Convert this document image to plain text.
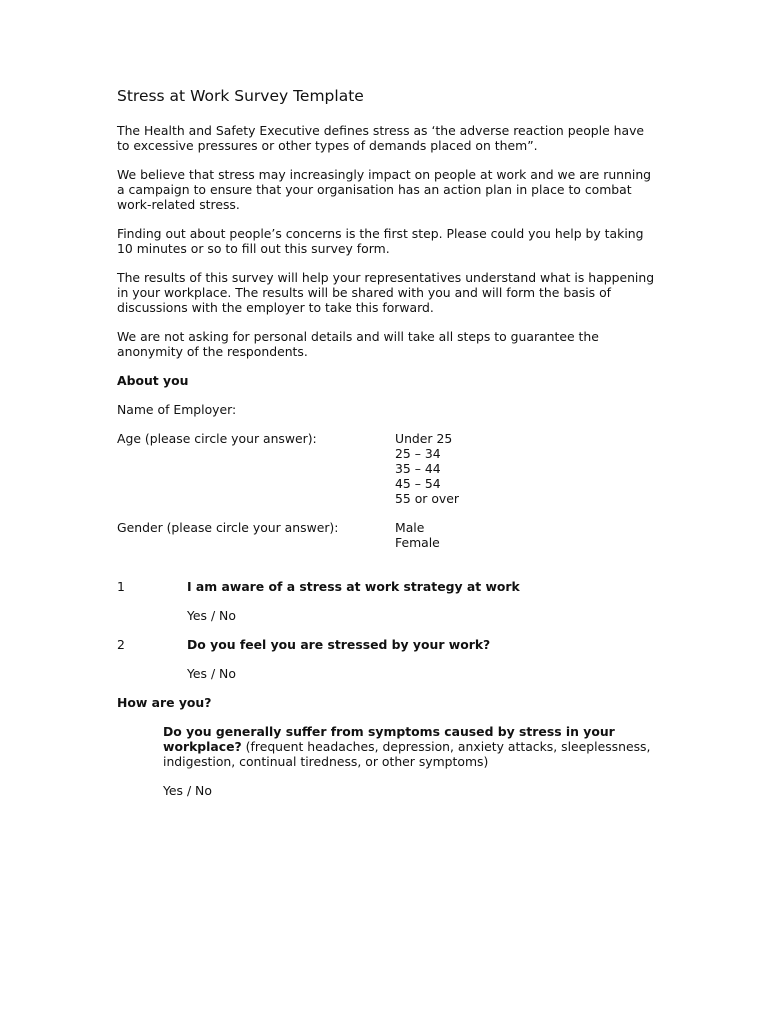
Stress at Work Survey Template

The Health and Safety Executive defines stress as ‘the adverse reaction people have to excessive pressures or other types of demands placed on them”.

We believe that stress may increasingly impact on people at work and we are running a campaign to ensure that your organisation has an action plan in place to combat work-related stress.

Finding out about people’s concerns is the first step. Please could you help by taking 10 minutes or so to fill out this survey form.

The results of this survey will help your representatives understand what is happening in your workplace. The results will be shared with you and will form the basis of discussions with the employer to take this forward.

We are not asking for personal details and will take all steps to guarantee the anonymity of the respondents.

About you

Name of Employer:

Age (please circle your answer):	Under 25
25 – 34
35 – 44
45 – 54
55 or over
Gender (please circle your answer):	Male
Female
1	I am aware of a stress at work strategy at work
Yes / No
2	Do you feel you are stressed by your work?
Yes / No

How are you?

Do you generally suffer from symptoms caused by stress in your workplace? (frequent headaches, depression, anxiety attacks, sleeplessness, indigestion, continual tiredness, or other symptoms)

Yes / No
